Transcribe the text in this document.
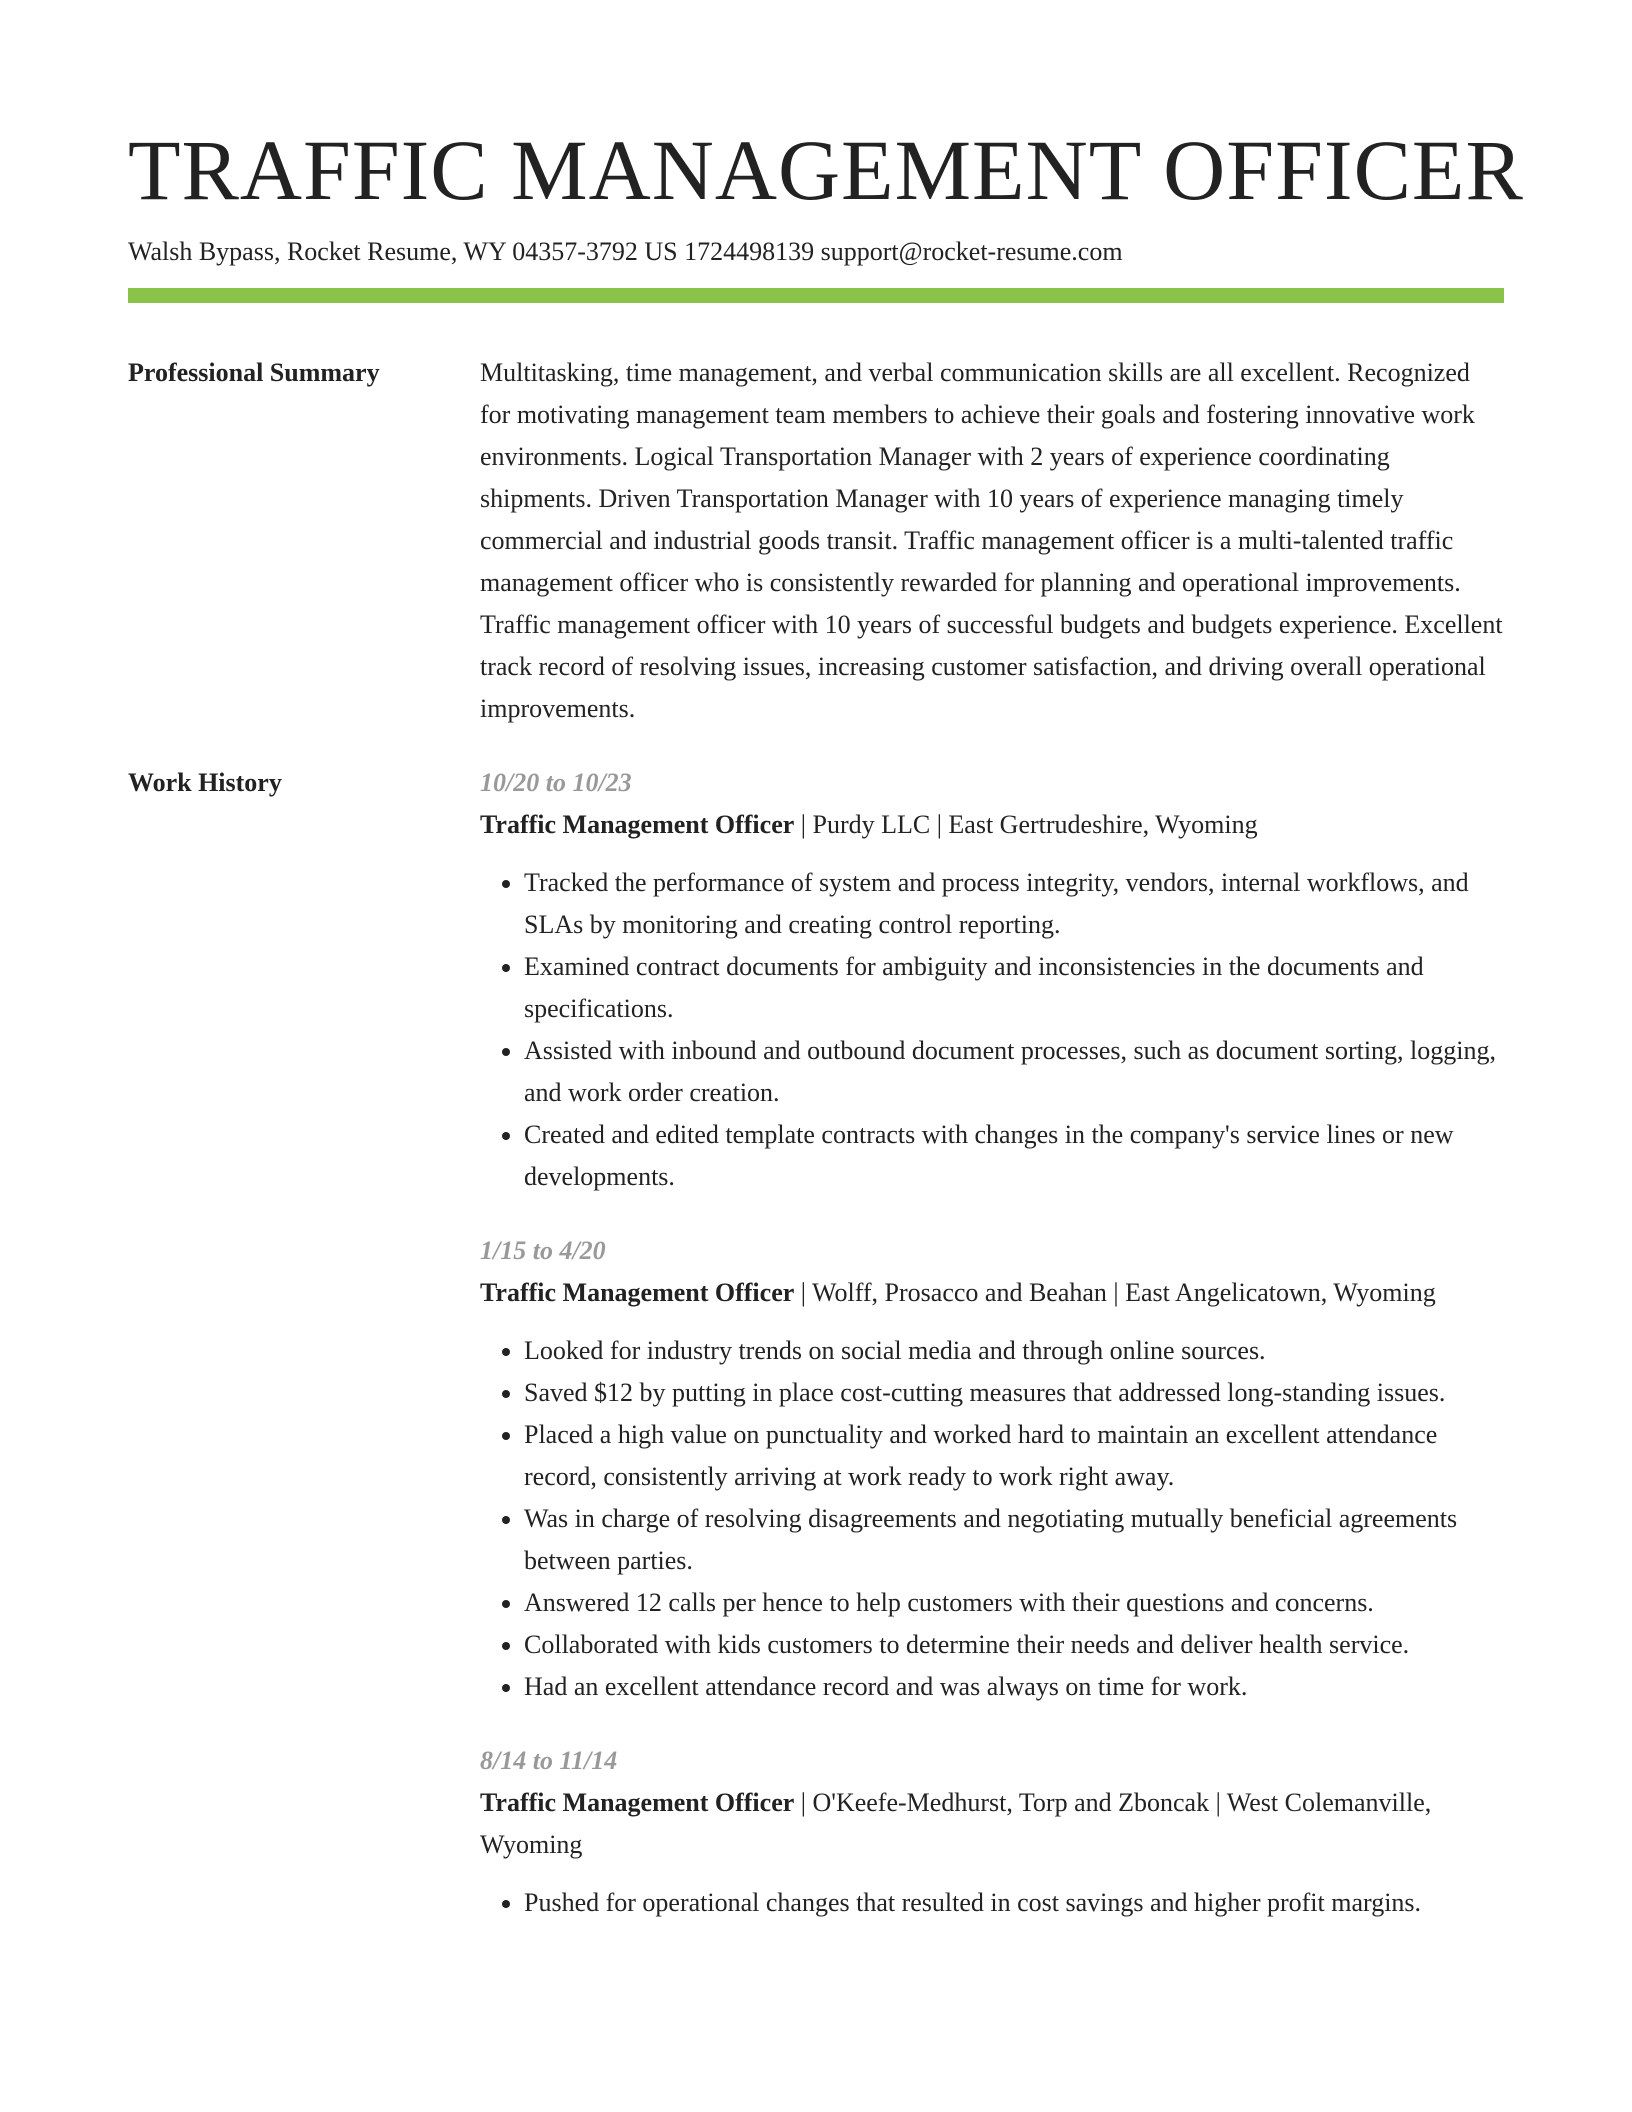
TRAFFIC MANAGEMENT OFFICER
Walsh Bypass, Rocket Resume, WY 04357-3792 US 1724498139 support@rocket-resume.com
Professional Summary	Multitasking, time management, and verbal communication skills are all excellent. Recognized for motivating management team members to achieve their goals and fostering innovative work environments. Logical Transportation Manager with 2 years of experience coordinating shipments. Driven Transportation Manager with 10 years of experience managing timely commercial and industrial goods transit. Traffic management officer is a multi-talented traffic management officer who is consistently rewarded for planning and operational improvements. Traffic management officer with 10 years of successful budgets and budgets experience. Excellent track record of resolving issues, increasing customer satisfaction, and driving overall operational improvements.

Work History	10/20 to 10/23
Traffic Management Officer | Purdy LLC | East Gertrudeshire, Wyoming
• Tracked the performance of system and process integrity, vendors, internal workflows, and SLAs by monitoring and creating control reporting.
• Examined contract documents for ambiguity and inconsistencies in the documents and specifications.
• Assisted with inbound and outbound document processes, such as document sorting, logging, and work order creation.
• Created and edited template contracts with changes in the company's service lines or new developments.
1/15 to 4/20
Traffic Management Officer | Wolff, Prosacco and Beahan | East Angelicatown, Wyoming
• Looked for industry trends on social media and through online sources.
• Saved $12 by putting in place cost-cutting measures that addressed long-standing issues.
• Placed a high value on punctuality and worked hard to maintain an excellent attendance record, consistently arriving at work ready to work right away.
• Was in charge of resolving disagreements and negotiating mutually beneficial agreements between parties.
• Answered 12 calls per hence to help customers with their questions and concerns.
• Collaborated with kids customers to determine their needs and deliver health service.
• Had an excellent attendance record and was always on time for work.
8/14 to 11/14
Traffic Management Officer | O'Keefe-Medhurst, Torp and Zboncak | West Colemanville, Wyoming
• Pushed for operational changes that resulted in cost savings and higher profit margins.
